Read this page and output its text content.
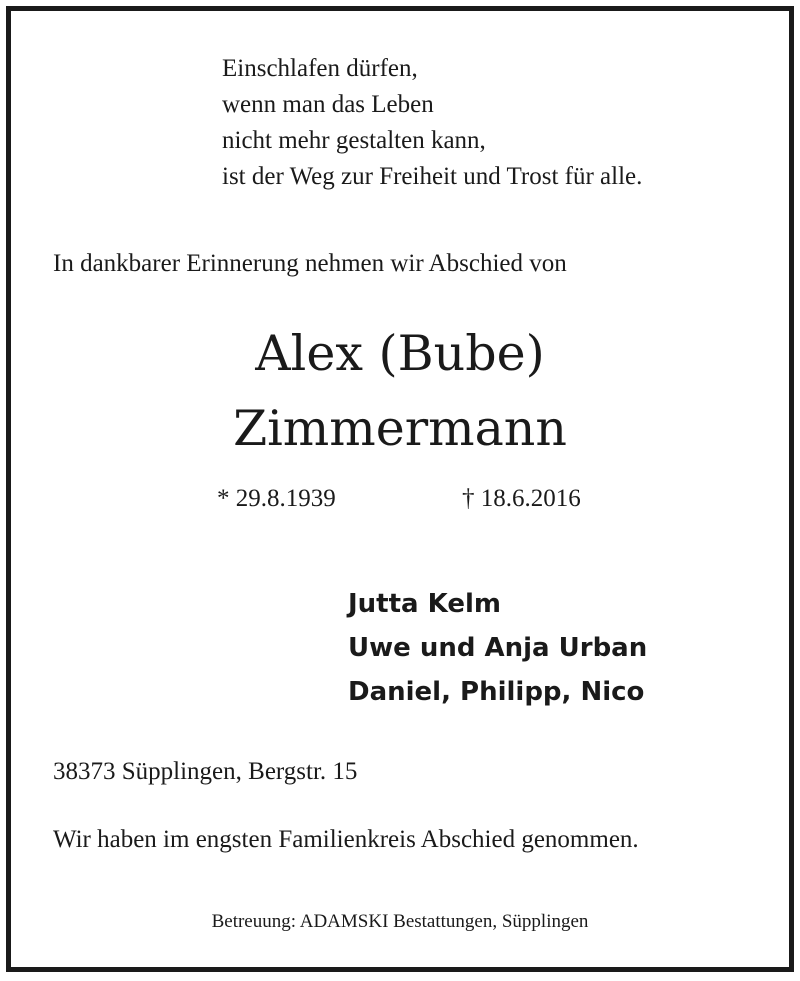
Einschlafen dürfen,
wenn man das Leben
nicht mehr gestalten kann,
ist der Weg zur Freiheit und Trost für alle.
In dankbarer Erinnerung nehmen wir Abschied von
Alex (Bube)
Zimmermann
* 29.8.1939	† 18.6.2016
Jutta Kelm
Uwe und Anja Urban
Daniel, Philipp, Nico
38373 Süpplingen, Bergstr. 15
Wir haben im engsten Familienkreis Abschied genommen.
Betreuung: ADAMSKI Bestattungen, Süpplingen
